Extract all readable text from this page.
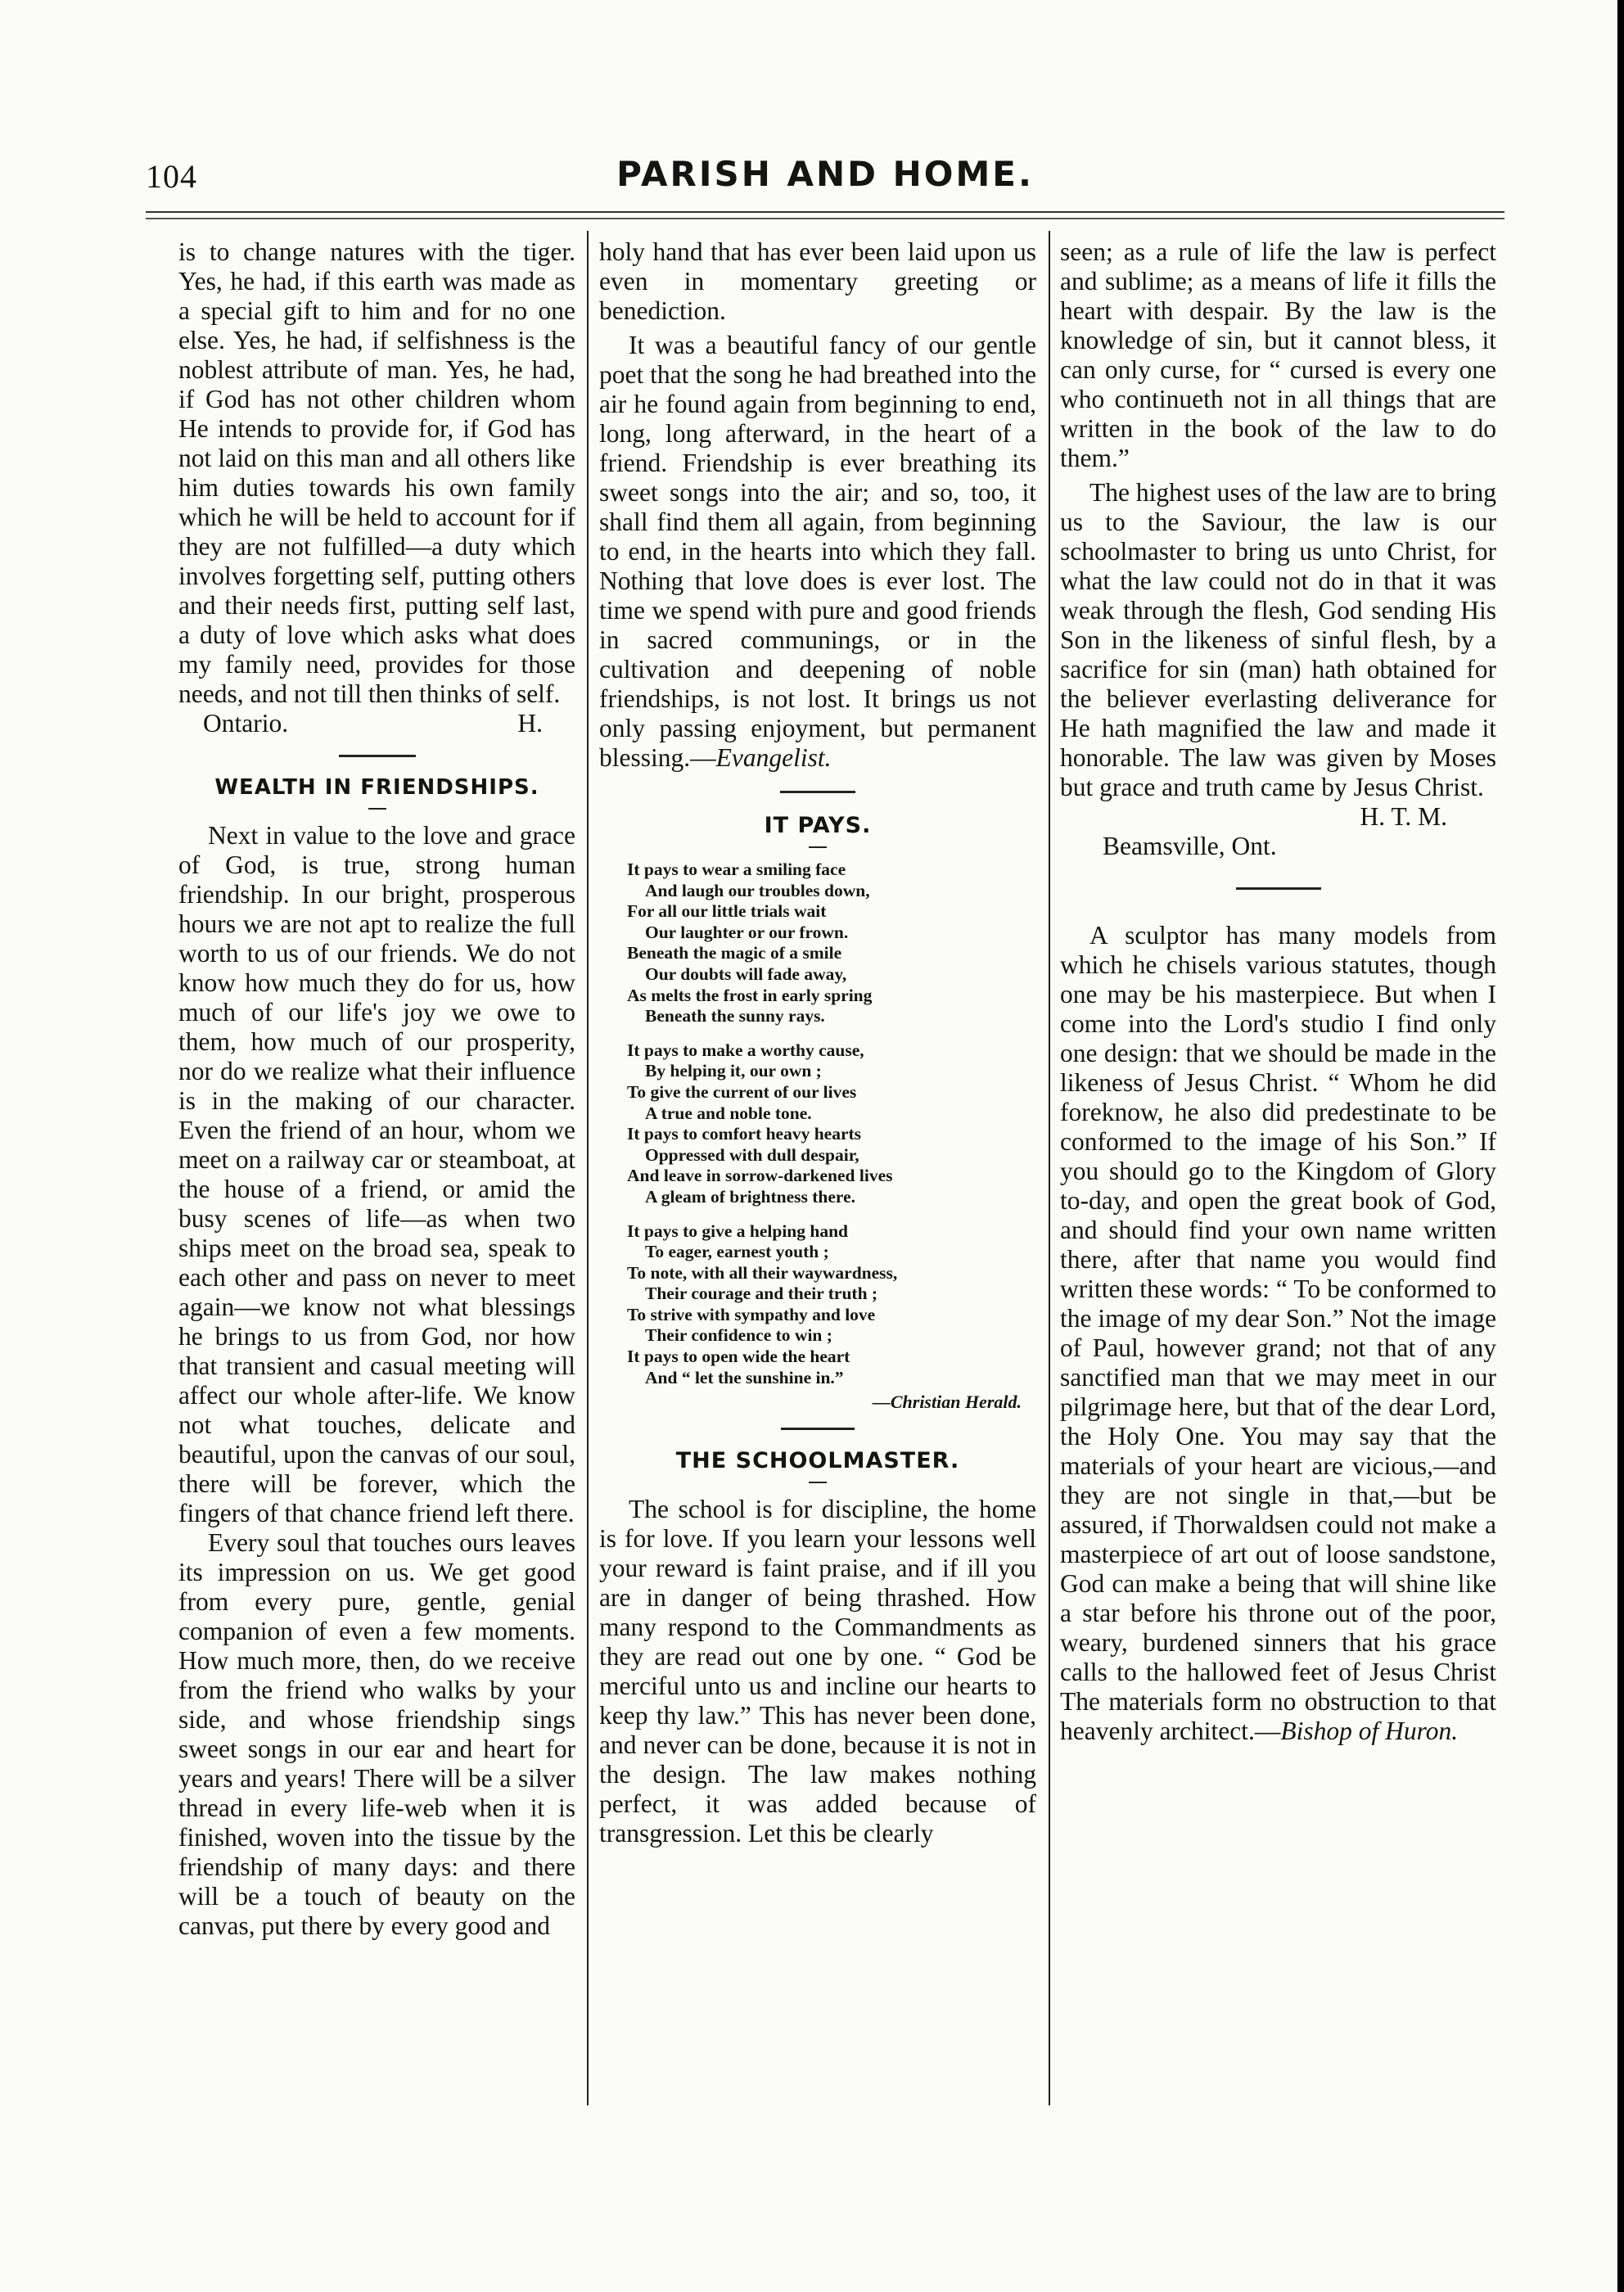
104	PARISH AND HOME.

is to change natures with the tiger. Yes, he had, if this earth was made as a special gift to him and for no one else. Yes, he had, if selfishness is the noblest attribute of man. Yes, he had, if God has not other children whom He intends to provide for, if God has not laid on this man and all others like him duties towards his own family which he will be held to account for if they are not fulfilled—a duty which involves forgetting self, putting others and their needs first, putting self last, a duty of love which asks what does my family need, provides for those needs, and not till then thinks of self.

Ontario.	H.
WEALTH IN FRIENDSHIPS.

Next in value to the love and grace of God, is true, strong human friendship. In our bright, prosperous hours we are not apt to realize the full worth to us of our friends. We do not know how much they do for us, how much of our life's joy we owe to them, how much of our prosperity, nor do we realize what their influence is in the making of our character. Even the friend of an hour, whom we meet on a railway car or steamboat, at the house of a friend, or amid the busy scenes of life—as when two ships meet on the broad sea, speak to each other and pass on never to meet again—we know not what blessings he brings to us from God, nor how that transient and casual meeting will affect our whole after-life. We know not what touches, delicate and beautiful, upon the canvas of our soul, there will be forever, which the fingers of that chance friend left there.

Every soul that touches ours leaves its impression on us. We get good from every pure, gentle, genial companion of even a few moments. How much more, then, do we receive from the friend who walks by your side, and whose friendship sings sweet songs in our ear and heart for years and years! There will be a silver thread in every life-web when it is finished, woven into the tissue by the friendship of many days: and there will be a touch of beauty on the canvas, put there by every good and

holy hand that has ever been laid upon us even in momentary greeting or benediction.

It was a beautiful fancy of our gentle poet that the song he had breathed into the air he found again from beginning to end, long, long afterward, in the heart of a friend. Friendship is ever breathing its sweet songs into the air; and so, too, it shall find them all again, from beginning to end, in the hearts into which they fall. Nothing that love does is ever lost. The time we spend with pure and good friends in sacred communings, or in the cultivation and deepening of noble friendships, is not lost. It brings us not only passing enjoyment, but permanent blessing.—Evangelist.

IT PAYS.
It pays to wear a smiling face
And laugh our troubles down,
For all our little trials wait
Our laughter or our frown.
Beneath the magic of a smile
Our doubts will fade away,
As melts the frost in early spring
Beneath the sunny rays.
It pays to make a worthy cause,
By helping it, our own ;
To give the current of our lives
A true and noble tone.
It pays to comfort heavy hearts
Oppressed with dull despair,
And leave in sorrow-darkened lives
A gleam of brightness there.
It pays to give a helping hand
To eager, earnest youth ;
To note, with all their waywardness,
Their courage and their truth ;
To strive with sympathy and love
Their confidence to win ;
It pays to open wide the heart
And “ let the sunshine in.”
—Christian Herald.
THE SCHOOLMASTER.

The school is for discipline, the home is for love. If you learn your lessons well your reward is faint praise, and if ill you are in danger of being thrashed. How many respond to the Commandments as they are read out one by one. “ God be merciful unto us and incline our hearts to keep thy law.” This has never been done, and never can be done, because it is not in the design. The law makes nothing perfect, it was added because of transgression. Let this be clearly

seen; as a rule of life the law is perfect and sublime; as a means of life it fills the heart with despair. By the law is the knowledge of sin, but it cannot bless, it can only curse, for “ cursed is every one who continueth not in all things that are written in the book of the law to do them.”

The highest uses of the law are to bring us to the Saviour, the law is our schoolmaster to bring us unto Christ, for what the law could not do in that it was weak through the flesh, God sending His Son in the likeness of sinful flesh, by a sacrifice for sin (man) hath obtained for the believer everlasting deliverance for He hath magnified the law and made it honorable. The law was given by Moses but grace and truth came by Jesus Christ.

H. T. M.
Beamsville, Ont.

A sculptor has many models from which he chisels various statutes, though one may be his masterpiece. But when I come into the Lord's studio I find only one design: that we should be made in the likeness of Jesus Christ. “ Whom he did foreknow, he also did predestinate to be conformed to the image of his Son.” If you should go to the Kingdom of Glory to-day, and open the great book of God, and should find your own name written there, after that name you would find written these words: “ To be conformed to the image of my dear Son.” Not the image of Paul, however grand; not that of any sanctified man that we may meet in our pilgrimage here, but that of the dear Lord, the Holy One. You may say that the materials of your heart are vicious,—and they are not single in that,—but be assured, if Thorwaldsen could not make a masterpiece of art out of loose sandstone, God can make a being that will shine like a star before his throne out of the poor, weary, burdened sinners that his grace calls to the hallowed feet of Jesus Christ The materials form no obstruction to that heavenly architect.—Bishop of Huron.
